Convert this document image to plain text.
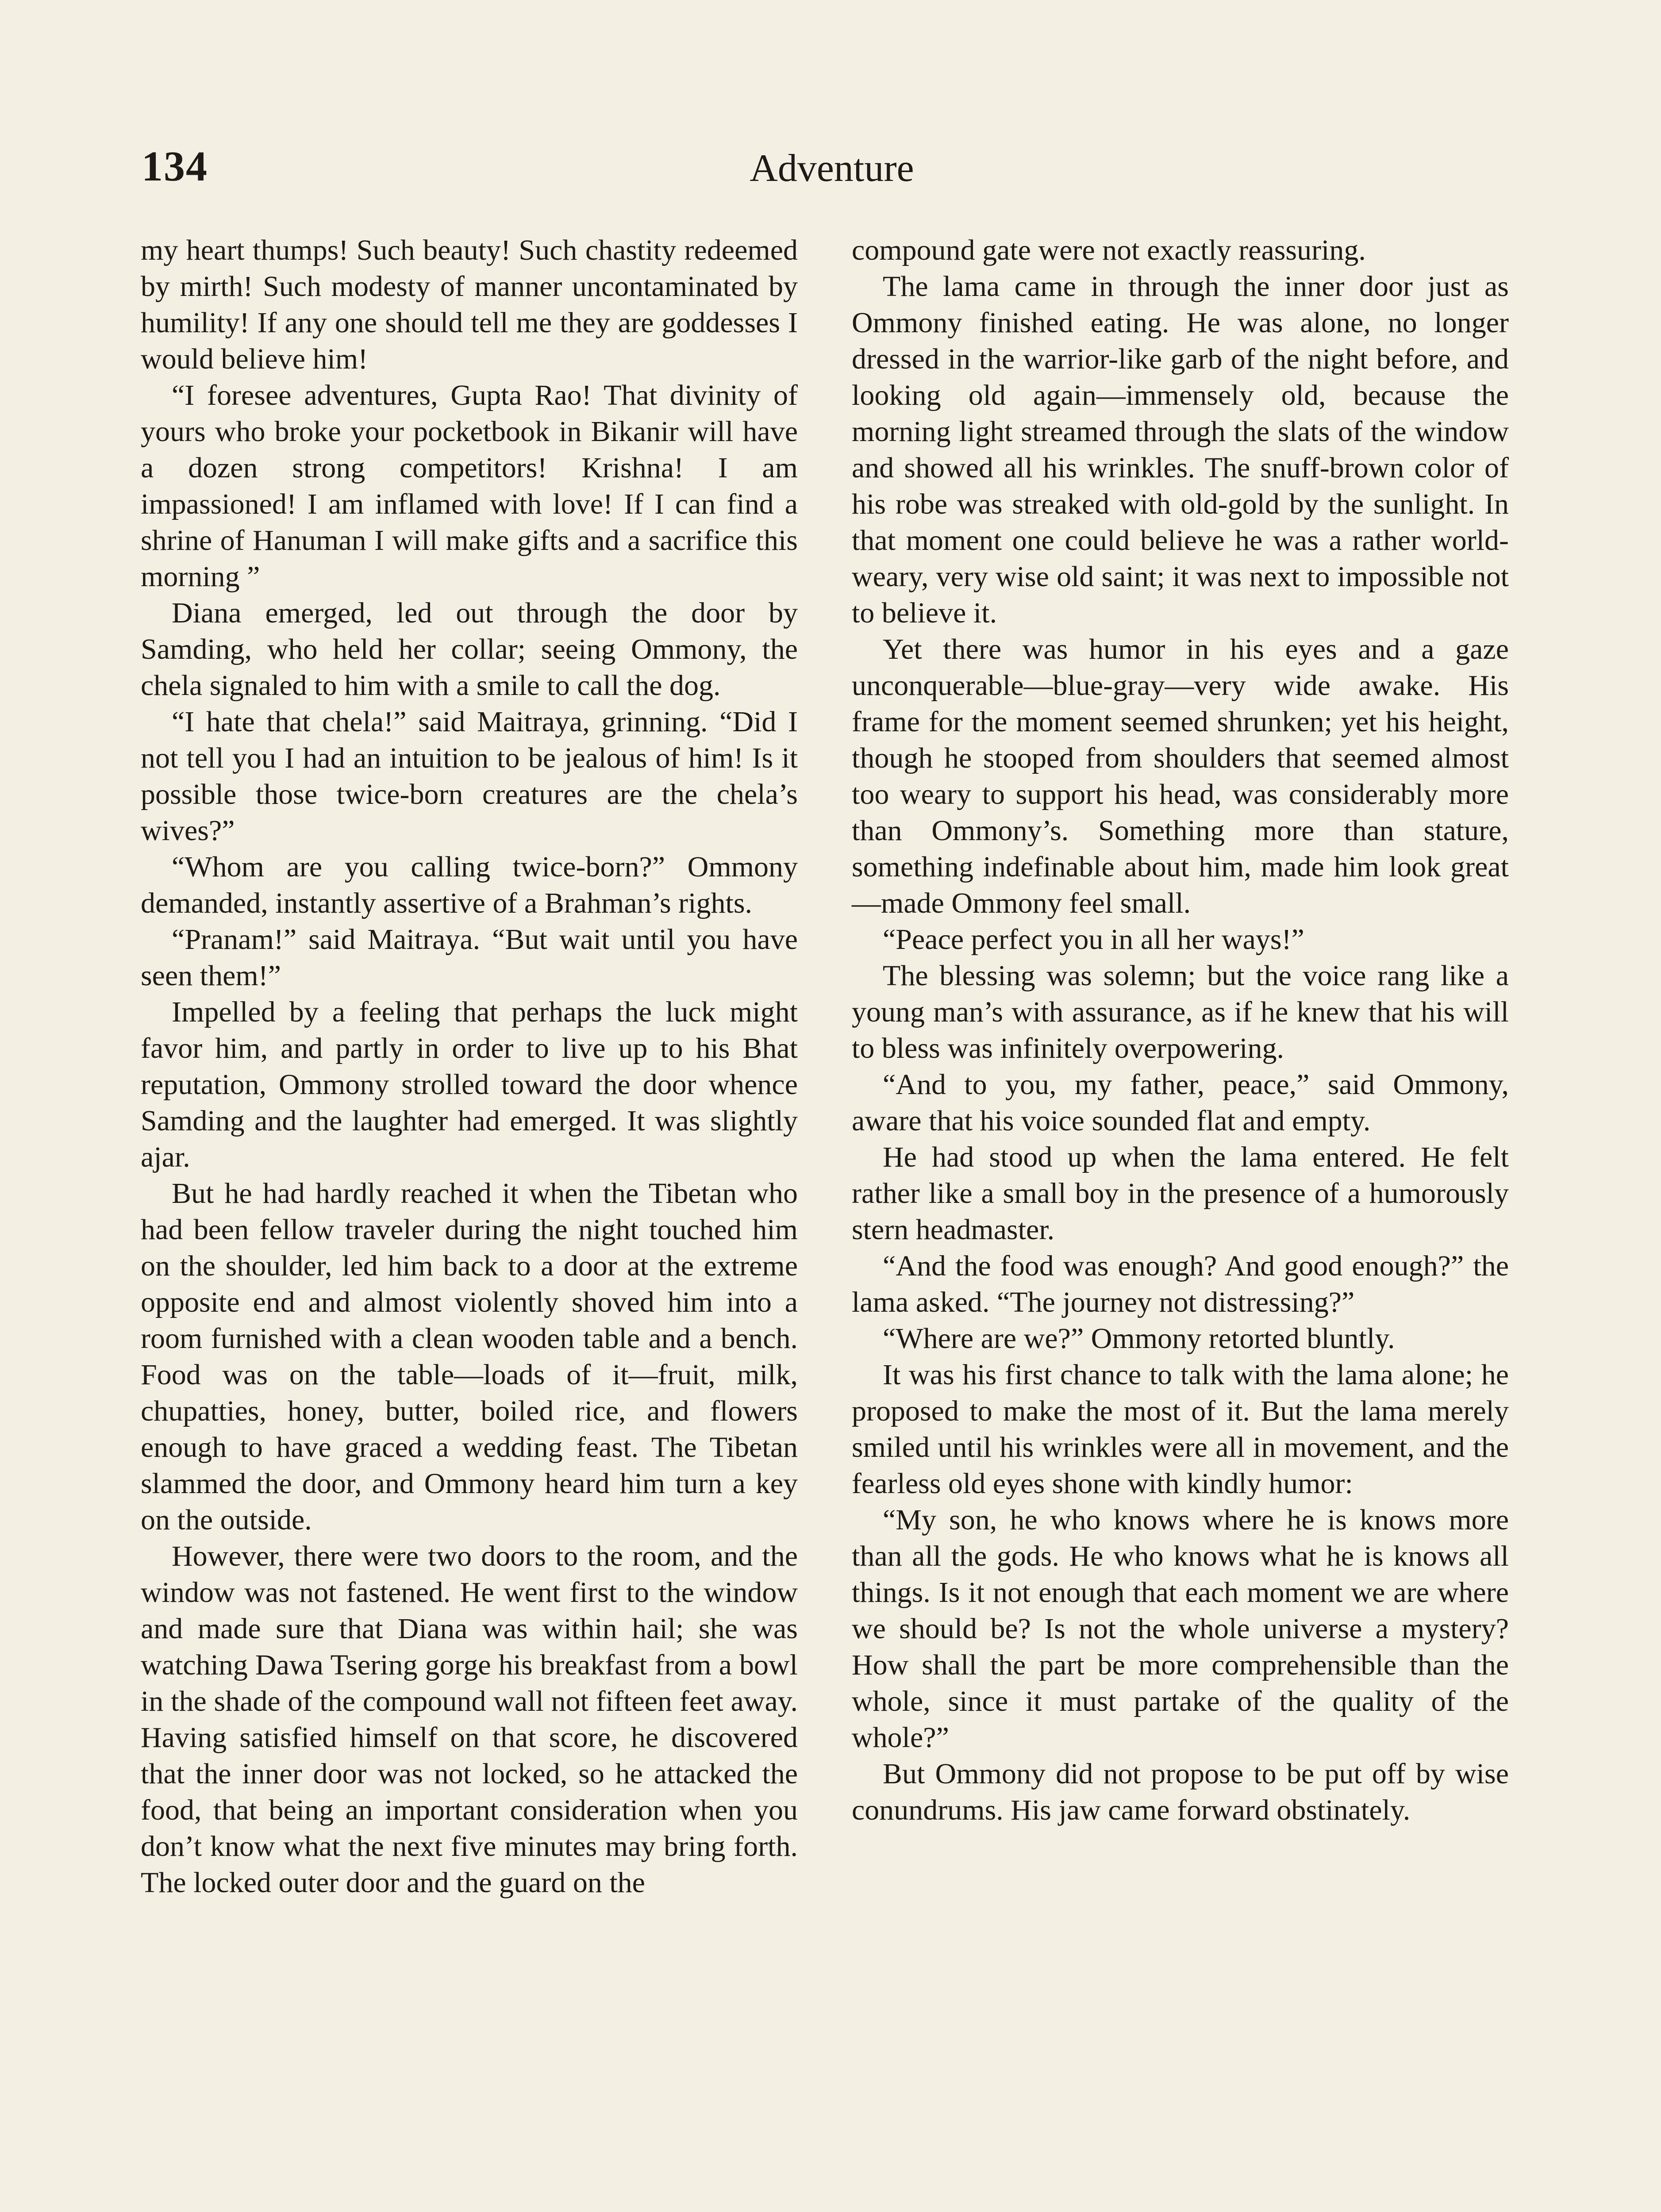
134	Adventure

my heart thumps! Such beauty! Such chastity redeemed by mirth! Such modesty of manner uncontaminated by humility! If any one should tell me they are goddesses I would believe him!

“I foresee adventures, Gupta Rao! That divinity of yours who broke your pocketbook in Bikanir will have a dozen strong competitors! Krishna! I am impassioned! I am inflamed with love! If I can find a shrine of Hanuman I will make gifts and a sacrifice this morning ”

Diana emerged, led out through the door by Samding, who held her collar; seeing Ommony, the chela signaled to him with a smile to call the dog.

“I hate that chela!” said Maitraya, grinning. “Did I not tell you I had an intuition to be jealous of him! Is it possible those twice-born creatures are the chela’s wives?”

“Whom are you calling twice-born?” Ommony demanded, instantly assertive of a Brahman’s rights.

“Pranam!” said Maitraya. “But wait until you have seen them!”

Impelled by a feeling that perhaps the luck might favor him, and partly in order to live up to his Bhat reputation, Ommony strolled toward the door whence Samding and the laughter had emerged. It was slightly ajar.

But he had hardly reached it when the Tibetan who had been fellow traveler during the night touched him on the shoulder, led him back to a door at the extreme opposite end and almost violently shoved him into a room furnished with a clean wooden table and a bench. Food was on the table—loads of it—fruit, milk, chupatties, honey, butter, boiled rice, and flowers enough to have graced a wedding feast. The Tibetan slammed the door, and Ommony heard him turn a key on the outside.

However, there were two doors to the room, and the window was not fastened. He went first to the window and made sure that Diana was within hail; she was watching Dawa Tsering gorge his breakfast from a bowl in the shade of the compound wall not fifteen feet away. Having satisfied himself on that score, he discovered that the inner door was not locked, so he attacked the food, that being an important consideration when you don’t know what the next five minutes may bring forth. The locked outer door and the guard on the

compound gate were not exactly reassuring.

The lama came in through the inner door just as Ommony finished eating. He was alone, no longer dressed in the warrior-like garb of the night before, and looking old again—immensely old, because the morning light streamed through the slats of the window and showed all his wrinkles. The snuff-brown color of his robe was streaked with old-gold by the sunlight. In that moment one could believe he was a rather world-weary, very wise old saint; it was next to impossible not to believe it.

Yet there was humor in his eyes and a gaze unconquerable—blue-gray—very wide awake. His frame for the moment seemed shrunken; yet his height, though he stooped from shoulders that seemed almost too weary to support his head, was considerably more than Ommony’s. Something more than stature, something indefinable about him, made him look great—made Ommony feel small.

“Peace perfect you in all her ways!”

The blessing was solemn; but the voice rang like a young man’s with assurance, as if he knew that his will to bless was infinitely overpowering.

“And to you, my father, peace,” said Ommony, aware that his voice sounded flat and empty.

He had stood up when the lama entered. He felt rather like a small boy in the presence of a humorously stern headmaster.

“And the food was enough? And good enough?” the lama asked. “The journey not distressing?”

“Where are we?” Ommony retorted bluntly.

It was his first chance to talk with the lama alone; he proposed to make the most of it. But the lama merely smiled until his wrinkles were all in movement, and the fearless old eyes shone with kindly humor:

“My son, he who knows where he is knows more than all the gods. He who knows what he is knows all things. Is it not enough that each moment we are where we should be? Is not the whole universe a mystery? How shall the part be more comprehensible than the whole, since it must partake of the quality of the whole?”

But Ommony did not propose to be put off by wise conundrums. His jaw came forward obstinately.
